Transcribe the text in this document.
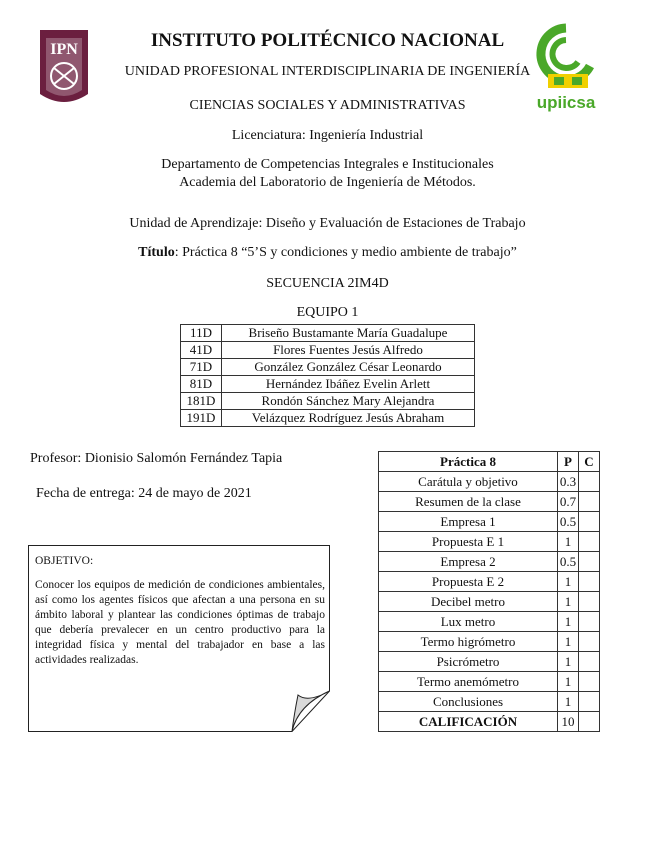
IPN
upiicsa
INSTITUTO POLITÉCNICO NACIONAL
UNIDAD PROFESIONAL INTERDISCIPLINARIA DE INGENIERÍA
CIENCIAS SOCIALES Y ADMINISTRATIVAS
Licenciatura: Ingeniería Industrial
Departamento de Competencias Integrales e Institucionales
Academia del Laboratorio de Ingeniería de Métodos.
Unidad de Aprendizaje: Diseño y Evaluación de Estaciones de Trabajo
Título: Práctica 8 “5’S y condiciones y medio ambiente de trabajo”
SECUENCIA 2IM4D
EQUIPO 1
11D	Briseño Bustamante María Guadalupe
41D	Flores Fuentes Jesús Alfredo
71D	González González César Leonardo
81D	Hernández Ibáñez Evelin Arlett
181D	Rondón Sánchez Mary Alejandra
191D	Velázquez Rodríguez Jesús Abraham
Profesor: Dionisio Salomón Fernández Tapia
Fecha de entrega: 24 de mayo de 2021
OBJETIVO:
Conocer los equipos de medición de condiciones ambientales, así como los agentes físicos que afectan a una persona en su ámbito laboral y plantear las condiciones óptimas de trabajo que debería prevalecer en un centro productivo para la integridad física y mental del trabajador en base a las actividades realizadas.
Práctica 8	P	C
Carátula y objetivo	0.3	
Resumen de la clase	0.7	
Empresa 1	0.5	
Propuesta E 1	1	
Empresa 2	0.5	
Propuesta E 2	1	
Decibel metro	1	
Lux metro	1	
Termo higrómetro	1	
Psicrómetro	1	
Termo anemómetro	1	
Conclusiones	1	
CALIFICACIÓN	10	
